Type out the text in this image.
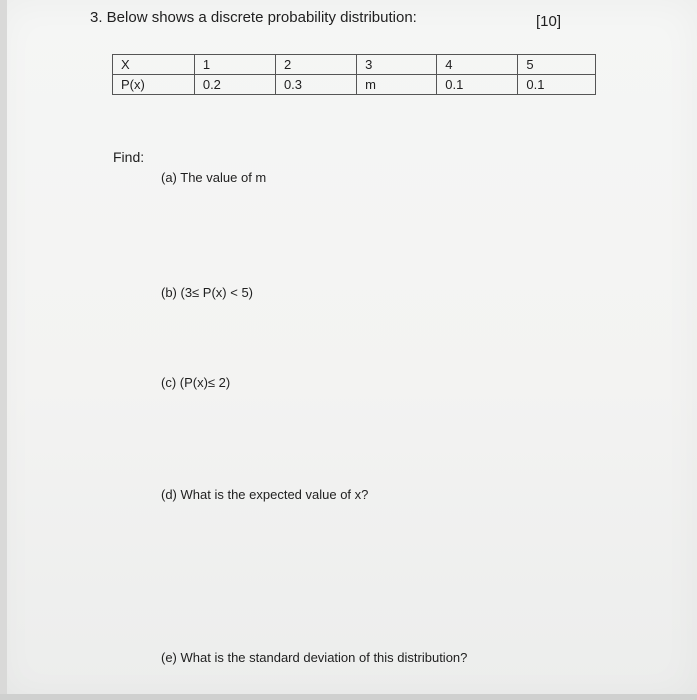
3. Below shows a discrete probability distribution:	[10]
X	1	2	3	4	5
P(x)	0.2	0.3	m	0.1	0.1
Find:
(a) The value of m
(b) (3≤ P(x) < 5)
(c) (P(x)≤ 2)
(d) What is the expected value of x?
(e) What is the standard deviation of this distribution?
